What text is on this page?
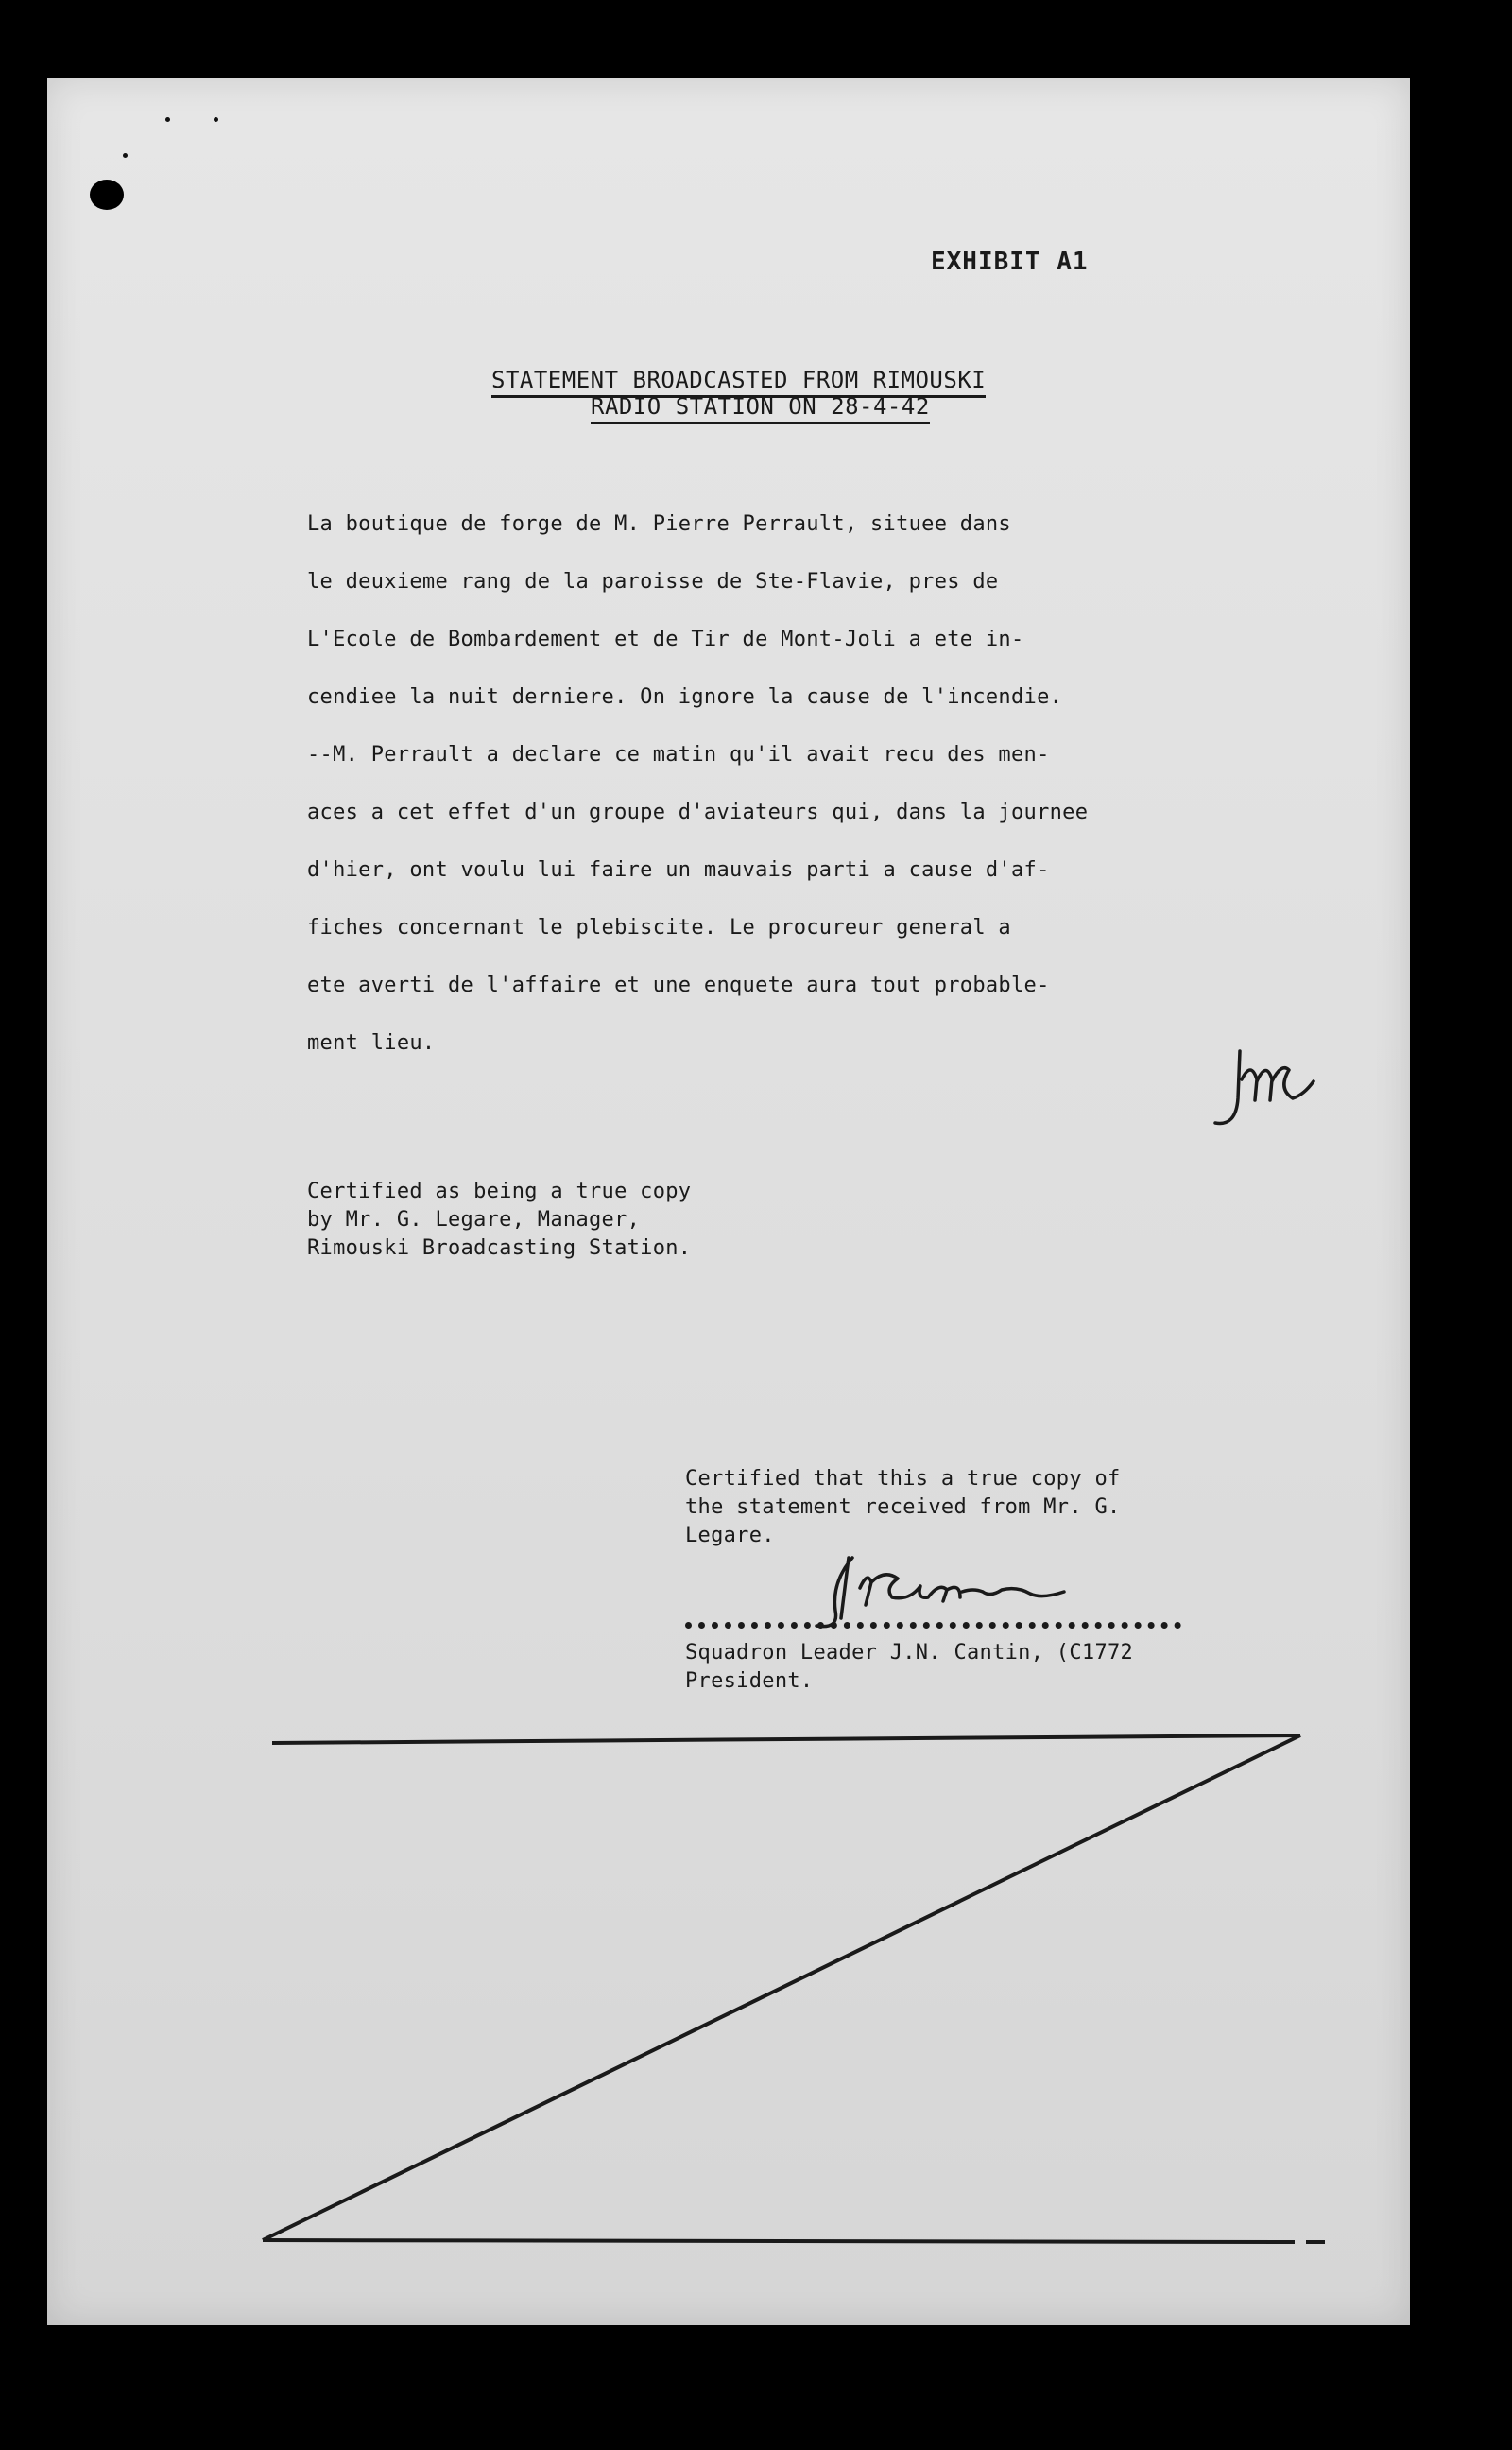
EXHIBIT A1
STATEMENT BROADCASTED FROM RIMOUSKI
RADIO STATION ON 28-4-42
La boutique de forge de M. Pierre Perrault, situee dans
le deuxieme rang de la paroisse de Ste-Flavie, pres de
L'Ecole de Bombardement et de Tir de Mont-Joli a ete in-
cendiee la nuit derniere. On ignore la cause de l'incendie.
--M. Perrault a declare ce matin qu'il avait recu des men-
aces a cet effet d'un groupe d'aviateurs qui, dans la journee
d'hier, ont voulu lui faire un mauvais parti a cause d'af-
fiches concernant le plebiscite. Le procureur general a
ete averti de l'affaire et une enquete aura tout probable-
ment lieu.
Certified as being a true copy
by Mr. G. Legare, Manager,
Rimouski Broadcasting Station.
Certified that this a true copy of
the statement received from Mr. G.
Legare.
Squadron Leader J.N. Cantin, (C1772
President.
